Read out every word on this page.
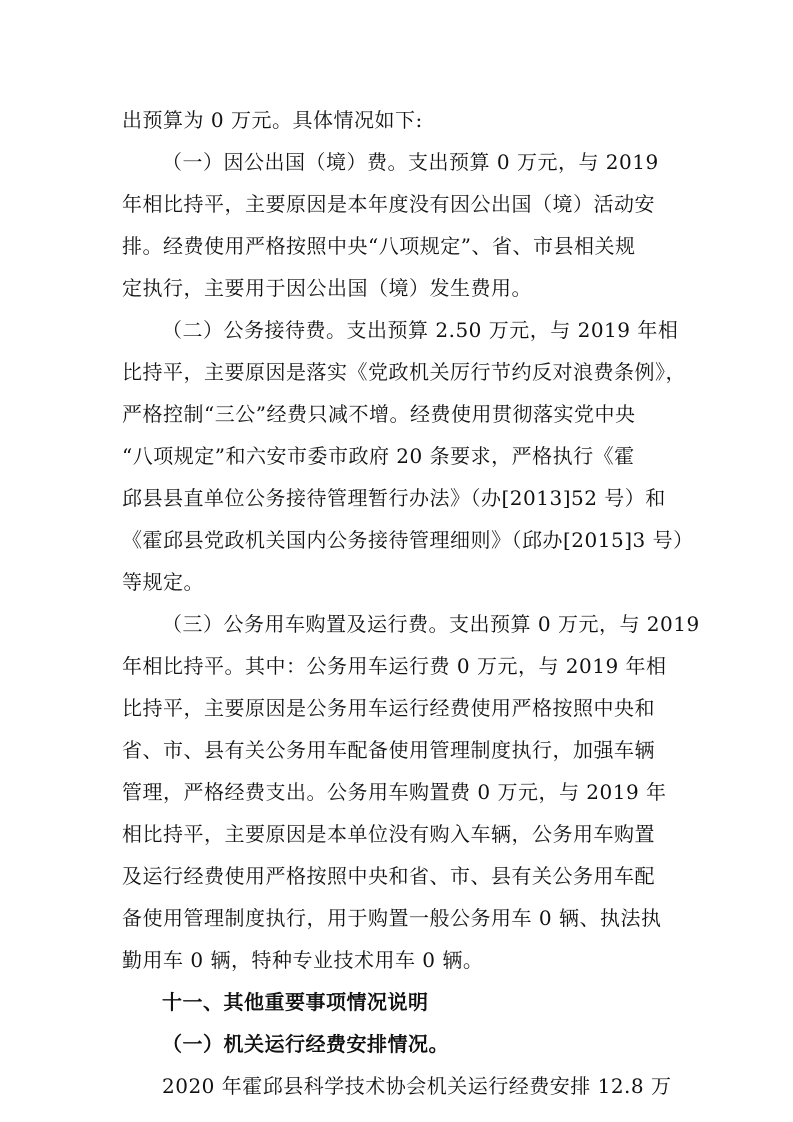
出预算为 0 万元。具体情况如下:
（一）因公出国（境）费。支出预算 0 万元，与 2019
年相比持平，主要原因是本年度没有因公出国（境）活动安
排。经费使用严格按照中央“八项规定”、省、市县相关规
定执行，主要用于因公出国（境）发生费用。
（二）公务接待费。支出预算 2.50 万元，与 2019 年相
比持平，主要原因是落实《党政机关厉行节约反对浪费条例》，
严格控制“三公”经费只减不增。经费使用贯彻落实党中央
“八项规定”和六安市委市政府 20 条要求，严格执行《霍
邱县县直单位公务接待管理暂行办法》（办[2013]52 号）和
《霍邱县党政机关国内公务接待管理细则》（邱办[2015]3 号）
等规定。
（三）公务用车购置及运行费。支出预算 0 万元，与 2019
年相比持平。其中：公务用车运行费 0 万元，与 2019 年相
比持平，主要原因是公务用车运行经费使用严格按照中央和
省、市、县有关公务用车配备使用管理制度执行，加强车辆
管理，严格经费支出。公务用车购置费 0 万元，与 2019 年
相比持平，主要原因是本单位没有购入车辆，公务用车购置
及运行经费使用严格按照中央和省、市、县有关公务用车配
备使用管理制度执行，用于购置一般公务用车 0 辆、执法执
勤用车 0 辆，特种专业技术用车 0 辆。
十一、其他重要事项情况说明
（一）机关运行经费安排情况。
2020 年霍邱县科学技术协会机关运行经费安排 12.8 万
